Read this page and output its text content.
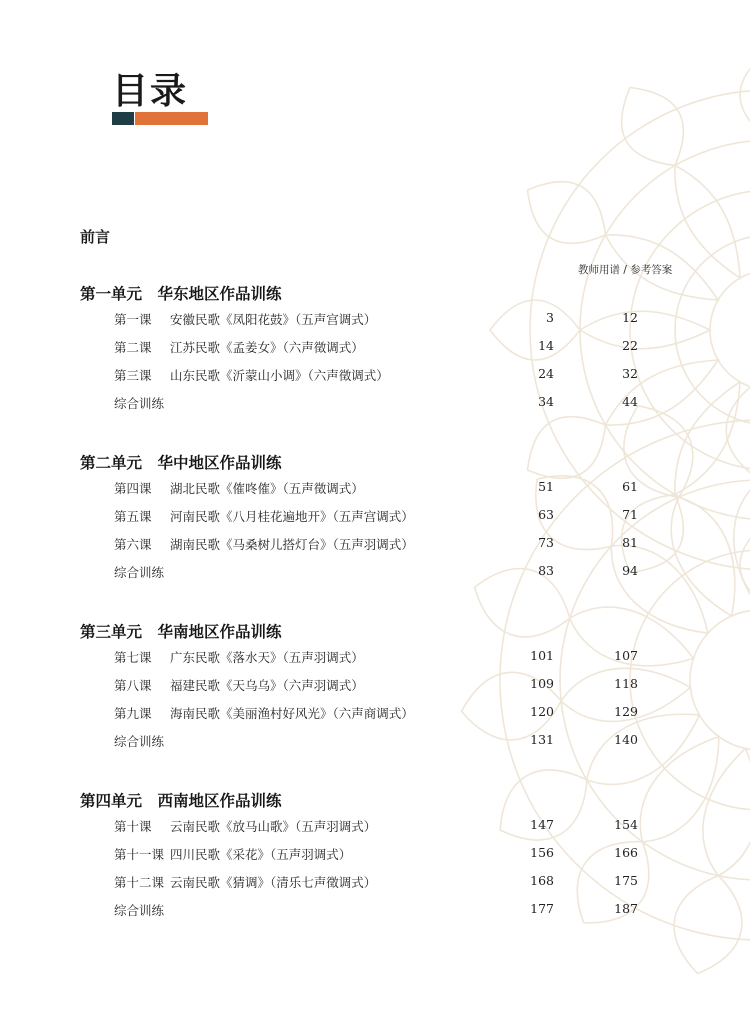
目录
前言
教师用谱 / 参考答案
第一单元　华东地区作品训练
第一课 安徽民歌《凤阳花鼓》（五声宫调式）	3	12
第二课 江苏民歌《孟姜女》（六声徵调式）	14	22
第三课 山东民歌《沂蒙山小调》（六声徵调式）	24	32
综合训练	34	44
第二单元　华中地区作品训练
第四课 湖北民歌《傕咚傕》（五声徵调式）	51	61
第五课 河南民歌《八月桂花遍地开》（五声宫调式）	63	71
第六课 湖南民歌《马桑树儿搭灯台》（五声羽调式）	73	81
综合训练	83	94
第三单元　华南地区作品训练
第七课 广东民歌《落水天》（五声羽调式）	101	107
第八课 福建民歌《天乌乌》（六声羽调式）	109	118
第九课 海南民歌《美丽渔村好风光》（六声商调式）	120	129
综合训练	131	140
第四单元　西南地区作品训练
第十课 云南民歌《放马山歌》（五声羽调式）	147	154
第十一课 四川民歌《采花》（五声羽调式）	156	166
第十二课 云南民歌《猜调》（清乐七声徵调式）	168	175
综合训练	177	187
